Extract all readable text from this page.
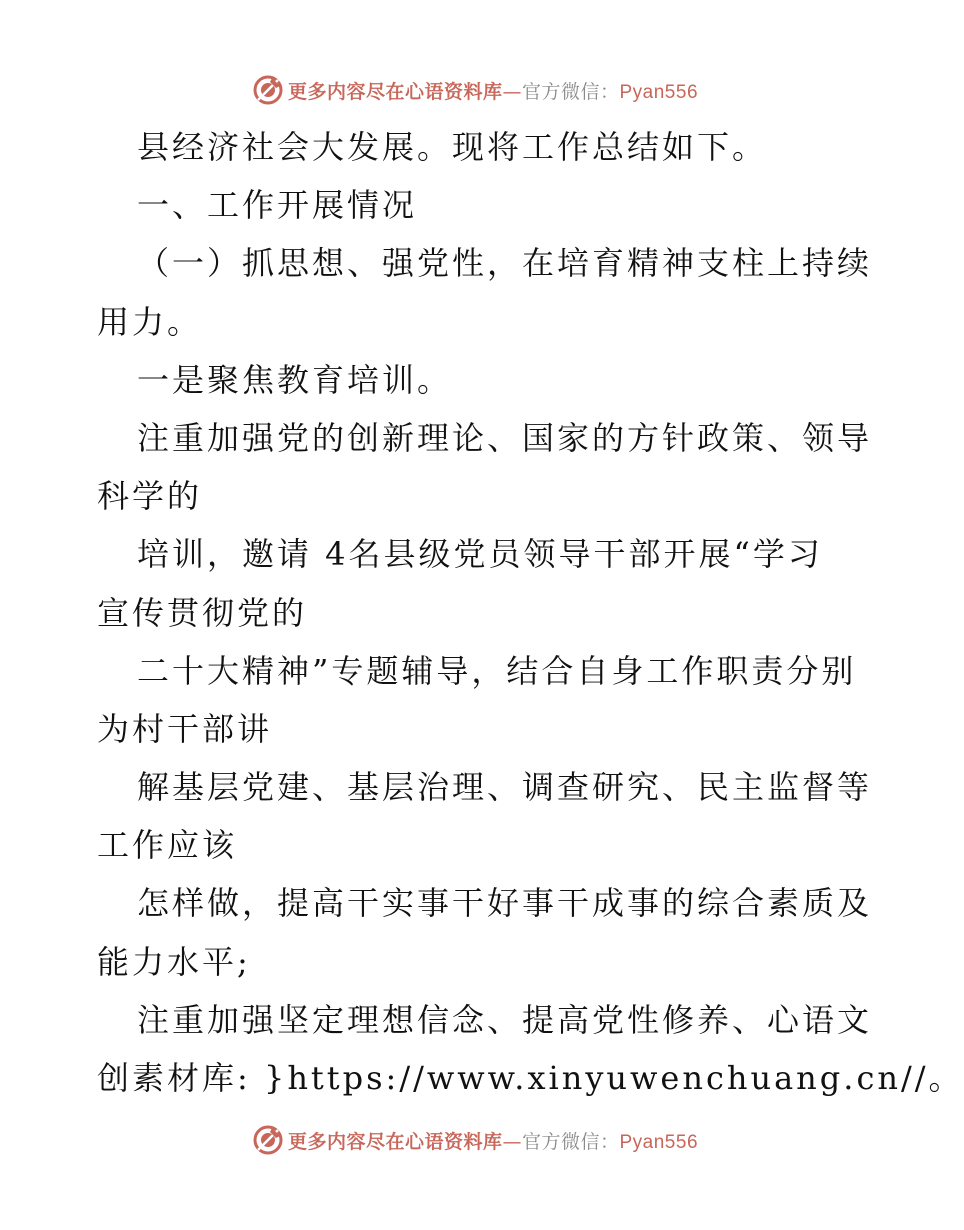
更多内容尽在心语资料库—官方微信：Pyan556
县经济社会大发展。现将工作总结如下。
一、工作开展情况
（一）抓思想、强党性，在培育精神支柱上持续
用力。
一是聚焦教育培训。
注重加强党的创新理论、国家的方针政策、领导
科学的
培训，邀请 4名县级党员领导干部开展“学习
宣传贯彻党的
二十大精神”专题辅导，结合自身工作职责分别
为村干部讲
解基层党建、基层治理、调查研究、民主监督等
工作应该
怎样做，提高干实事干好事干成事的综合素质及
能力水平;
注重加强坚定理想信念、提高党性修养、心语文
创素材库: }https://www.xinyuwenchuang.cn//。
更多内容尽在心语资料库—官方微信：Pyan556
